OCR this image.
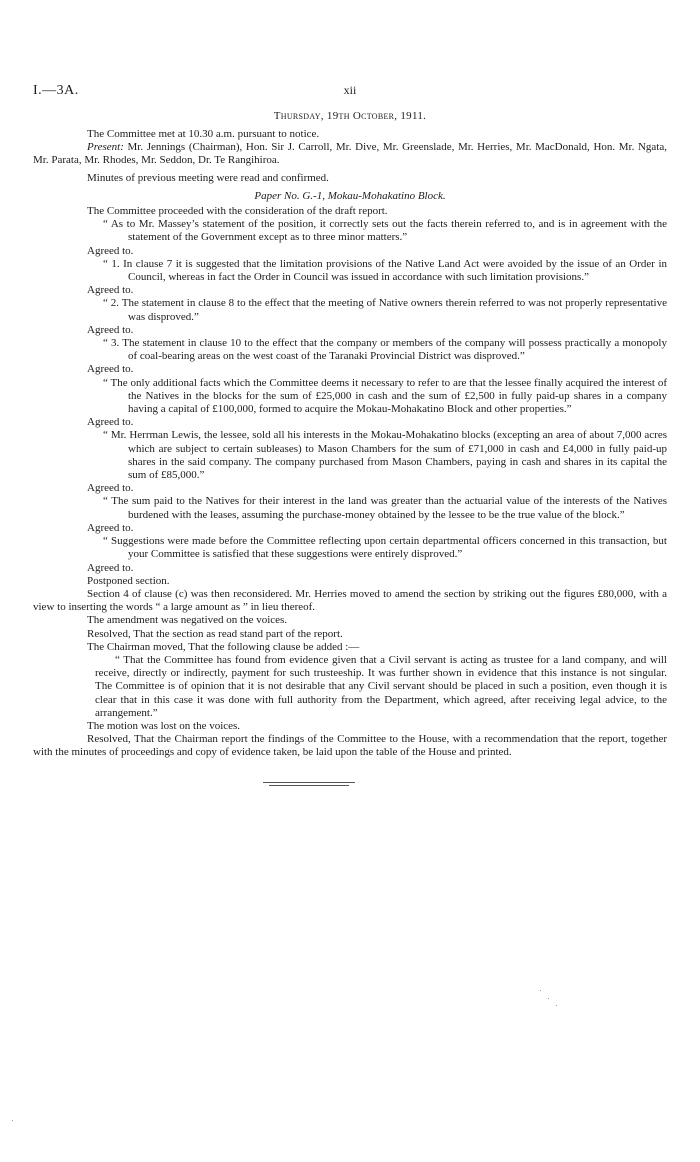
I.—3A.	xii
Thursday, 19th October, 1911.

The Committee met at 10.30 a.m. pursuant to notice.

Present: Mr. Jennings (Chairman), Hon. Sir J. Carroll, Mr. Dive, Mr. Greenslade, Mr. Herries, Mr. MacDonald, Hon. Mr. Ngata, Mr. Parata, Mr. Rhodes, Mr. Seddon, Dr. Te Rangihiroa.

Minutes of previous meeting were read and confirmed.

Paper No. G.-1, Mokau-Mohakatino Block.

The Committee proceeded with the consideration of the draft report.

“ As to Mr. Massey’s statement of the position, it correctly sets out the facts therein referred to, and is in agreement with the statement of the Government except as to three minor matters.”

Agreed to.

“ 1. In clause 7 it is suggested that the limitation provisions of the Native Land Act were avoided by the issue of an Order in Council, whereas in fact the Order in Council was issued in accordance with such limitation provisions.”

Agreed to.

“ 2. The statement in clause 8 to the effect that the meeting of Native owners therein referred to was not properly representative was disproved.”

Agreed to.

“ 3. The statement in clause 10 to the effect that the company or members of the company will possess practically a monopoly of coal-bearing areas on the west coast of the Taranaki Provincial District was disproved.”

Agreed to.

“ The only additional facts which the Committee deems it necessary to refer to are that the lessee finally acquired the interest of the Natives in the blocks for the sum of £25,000 in cash and the sum of £2,500 in fully paid-up shares in a company having a capital of £100,000, formed to acquire the Mokau-Mohakatino Block and other properties.”

Agreed to.

“ Mr. Herrman Lewis, the lessee, sold all his interests in the Mokau-Mohakatino blocks (excepting an area of about 7,000 acres which are subject to certain subleases) to Mason Chambers for the sum of £71,000 in cash and £4,000 in fully paid-up shares in the said company. The company purchased from Mason Chambers, paying in cash and shares in its capital the sum of £85,000.”

Agreed to.

“ The sum paid to the Natives for their interest in the land was greater than the actuarial value of the interests of the Natives burdened with the leases, assuming the purchase-money obtained by the lessee to be the true value of the block.”

Agreed to.

“ Suggestions were made before the Committee reflecting upon certain departmental officers concerned in this transaction, but your Committee is satisfied that these suggestions were entirely disproved.”

Agreed to.

Postponed section.

Section 4 of clause (c) was then reconsidered. Mr. Herries moved to amend the section by striking out the figures £80,000, with a view to inserting the words “ a large amount as ” in lieu thereof.

The amendment was negatived on the voices.

Resolved, That the section as read stand part of the report.

The Chairman moved, That the following clause be added :—

“ That the Committee has found from evidence given that a Civil servant is acting as trustee for a land company, and will receive, directly or indirectly, payment for such trusteeship. It was further shown in evidence that this instance is not singular. The Committee is of opinion that it is not desirable that any Civil servant should be placed in such a position, even though it is clear that in this case it was done with full authority from the Department, which agreed, after receiving legal advice, to the arrangement.”

The motion was lost on the voices.

Resolved, That the Chairman report the findings of the Committee to the House, with a recommendation that the report, together with the minutes of proceedings and copy of evidence taken, be laid upon the table of the House and printed.
